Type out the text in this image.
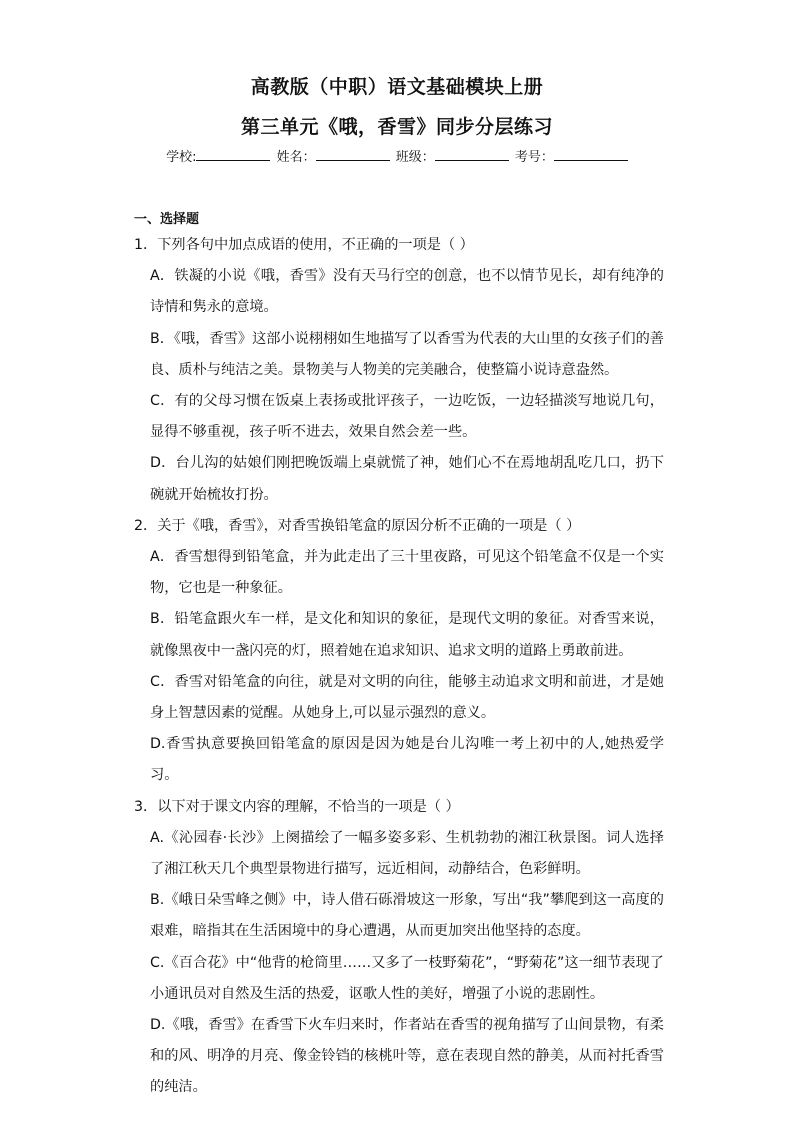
高教版（中职）语文基础模块上册
第三单元《哦，香雪》同步分层练习
学校:	姓名：	班级：	考号：
一、选择题

1．下列各句中加点成语的使用，不正确的一项是（ ）

A．铁凝的小说《哦，香雪》没有天马行空的创意，也不以情节见长，却有纯净的诗情和隽永的意境。

B．《哦，香雪》这部小说栩栩如生地描写了以香雪为代表的大山里的女孩子们的善良、质朴与纯洁之美。景物美与人物美的完美融合，使整篇小说诗意盎然。

C．有的父母习惯在饭桌上表扬或批评孩子，一边吃饭，一边轻描淡写地说几句，显得不够重视，孩子听不进去，效果自然会差一些。

D．台儿沟的姑娘们刚把晚饭端上桌就慌了神，她们心不在焉地胡乱吃几口，扔下碗就开始梳妆打扮。

2．关于《哦，香雪》，对香雪换铅笔盒的原因分析不正确的一项是（ ）

A．香雪想得到铅笔盒，并为此走出了三十里夜路，可见这个铅笔盒不仅是一个实物，它也是一种象征。

B．铅笔盒跟火车一样，是文化和知识的象征，是现代文明的象征。对香雪来说，就像黑夜中一盏闪亮的灯，照着她在追求知识、追求文明的道路上勇敢前进。

C．香雪对铅笔盒的向往，就是对文明的向往，能够主动追求文明和前进，才是她身上智慧因素的觉醒。从她身上,可以显示强烈的意义。

D.香雪执意要换回铅笔盒的原因是因为她是台儿沟唯一考上初中的人,她热爱学习。

3．以下对于课文内容的理解，不恰当的一项是（ ）

A.《沁园春·长沙》上阕描绘了一幅多姿多彩、生机勃勃的湘江秋景图。词人选择了湘江秋天几个典型景物进行描写，远近相间，动静结合，色彩鲜明。

B.《峨日朵雪峰之侧》中，诗人借石砾滑坡这一形象，写出“我”攀爬到这一高度的艰难，暗指其在生活困境中的身心遭遇，从而更加突出他坚持的态度。

C.《百合花》中“他背的枪筒里……又多了一枝野菊花”，“野菊花”这一细节表现了小通讯员对自然及生活的热爱，讴歌人性的美好，增强了小说的悲剧性。

D.《哦，香雪》在香雪下火车归来时，作者站在香雪的视角描写了山间景物，有柔和的风、明净的月亮、像金铃铛的核桃叶等，意在表现自然的静美，从而衬托香雪的纯洁。
